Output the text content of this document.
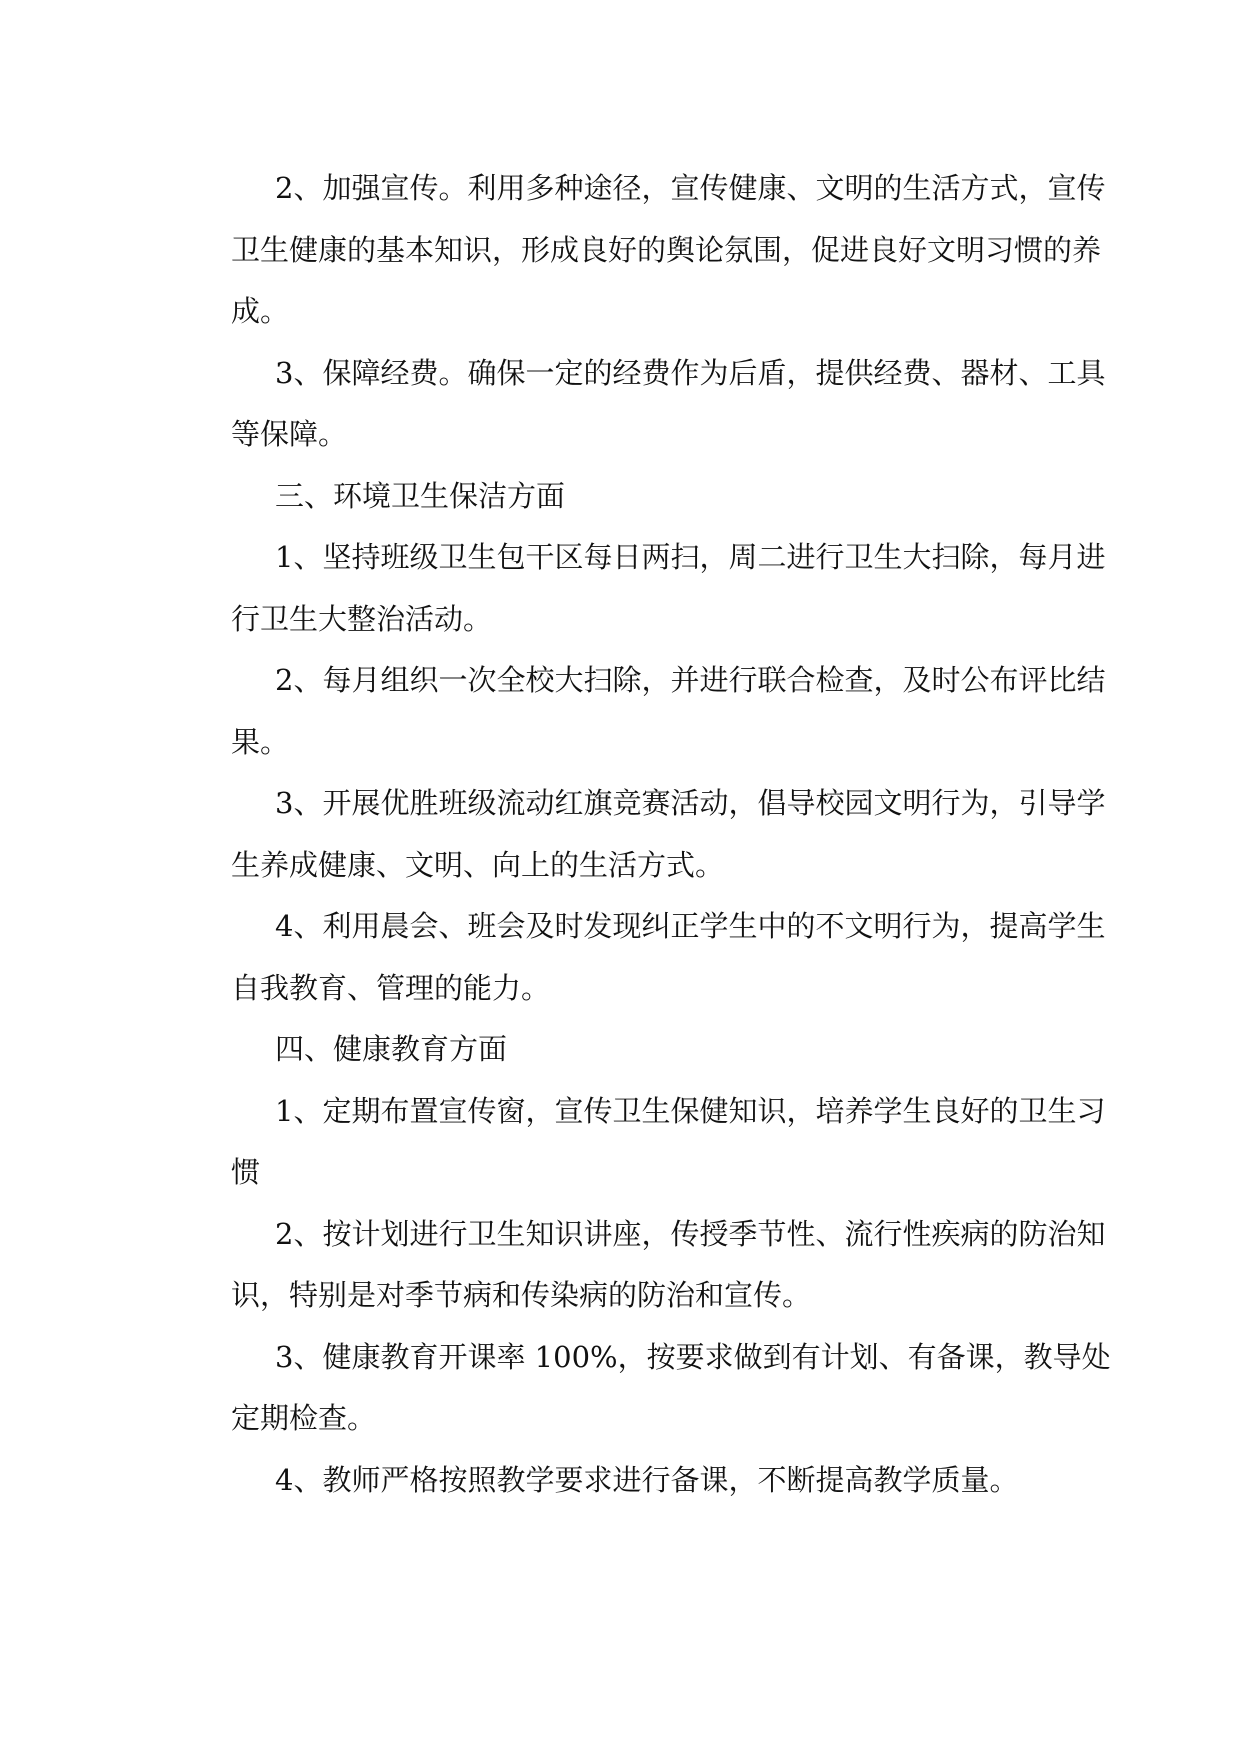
2、加强宣传。利用多种途径，宣传健康、文明的生活方式，宣传
卫生健康的基本知识，形成良好的舆论氛围，促进良好文明习惯的养
成。

3、保障经费。确保一定的经费作为后盾，提供经费、器材、工具
等保障。

三、环境卫生保洁方面

1、坚持班级卫生包干区每日两扫，周二进行卫生大扫除，每月进
行卫生大整治活动。

2、每月组织一次全校大扫除，并进行联合检查，及时公布评比结
果。

3、开展优胜班级流动红旗竞赛活动，倡导校园文明行为，引导学
生养成健康、文明、向上的生活方式。

4、利用晨会、班会及时发现纠正学生中的不文明行为，提高学生
自我教育、管理的能力。

四、健康教育方面

1、定期布置宣传窗，宣传卫生保健知识，培养学生良好的卫生习
惯

2、按计划进行卫生知识讲座，传授季节性、流行性疾病的防治知
识，特别是对季节病和传染病的防治和宣传。

3、健康教育开课率 100%，按要求做到有计划、有备课，教导处
定期检查。

4、教师严格按照教学要求进行备课，不断提高教学质量。
